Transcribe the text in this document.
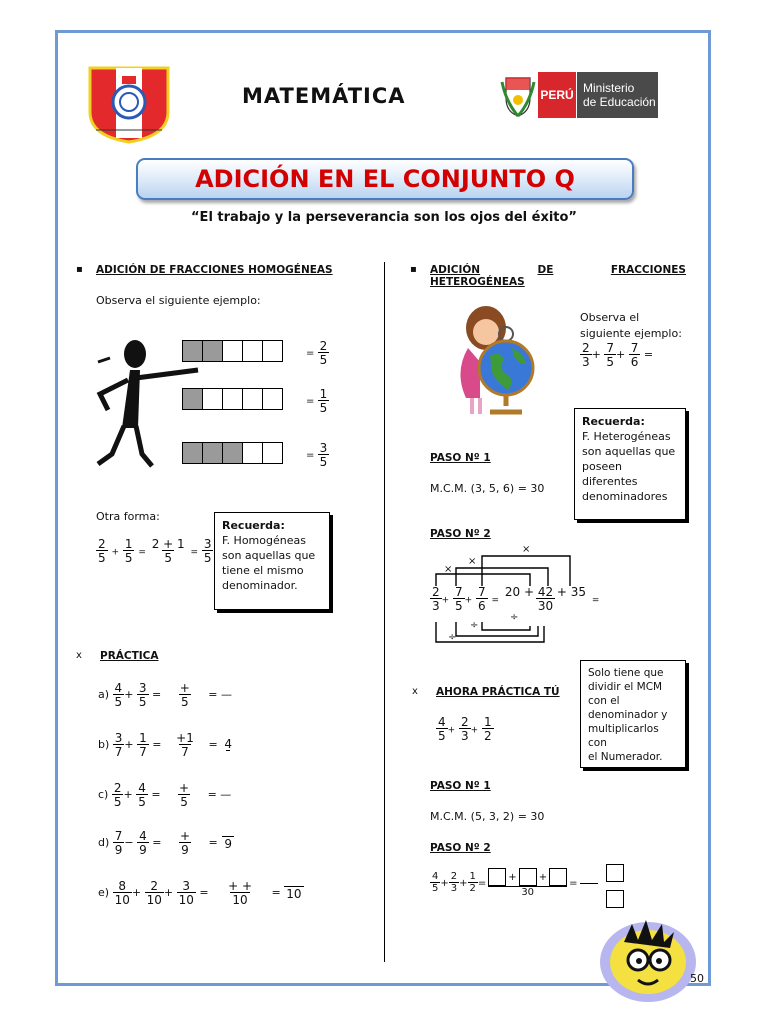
MATEMÁTICA	PERÚ Ministerio
de Educación
ADICIÓN EN EL CONJUNTO Q
“El trabajo y la perseverancia son los ojos del éxito”
▪ ADICIÓN DE FRACCIONES HOMOGÉNEAS
Observa el siguiente ejemplo:
= $\frac{2}{5}$
= $\frac{1}{5}$
= $\frac{3}{5}$
Otra forma:
$\frac{2}{5} + \frac{1}{5} = \frac{2 + 1}{5} = \frac{3}{5}$
Recuerda:
F. Homogéneas
son aquellas que
tiene el mismo
denominador.
x PRÁCTICA
$a) \frac{4}{5} + \frac{3}{5} = \frac{+}{5}$ = —
$b) \frac{3}{7} + \frac{1}{7} = \frac{+1}{7} = 4$
$c) \frac{2}{5} + \frac{4}{5} = \frac{+}{5}$ = —
$d) \frac{7}{9} - \frac{4}{9} = \frac{+}{9} = 9$
$e) \frac{8}{10} + \frac{2}{10} + \frac{3}{10} = \frac{+ +}{10} = 10$
▪ ADICIÓN	DE	FRACCIONES
HETEROGÉNEAS
Observa el
siguiente ejemplo:
$\frac{2}{3} + \frac{7}{5} + \frac{7}{6}$ =
Recuerda:
F. Heterogéneas
son aquellas que
poseen
diferentes
denominadores
PASO Nº 1
M.C.M. (3, 5, 6) = 30
PASO Nº 2
×
×
×
$\frac{2}{3} + \frac{7}{5} + \frac{7}{6} = \frac{20 + 42 + 35}{30}$ =
÷
÷
÷
Solo tiene que
dividir el MCM
con el
denominador y
multiplicarlos con
el Numerador.
x AHORA PRÁCTICA TÚ
$\frac{4}{5} + \frac{2}{3} + \frac{1}{2}$
PASO Nº 1
M.C.M. (5, 3, 2) = 30
PASO Nº 2
$\frac{4}{5} + \frac{2}{3} + \frac{1}{2}$ =
+
+
30
=
50
